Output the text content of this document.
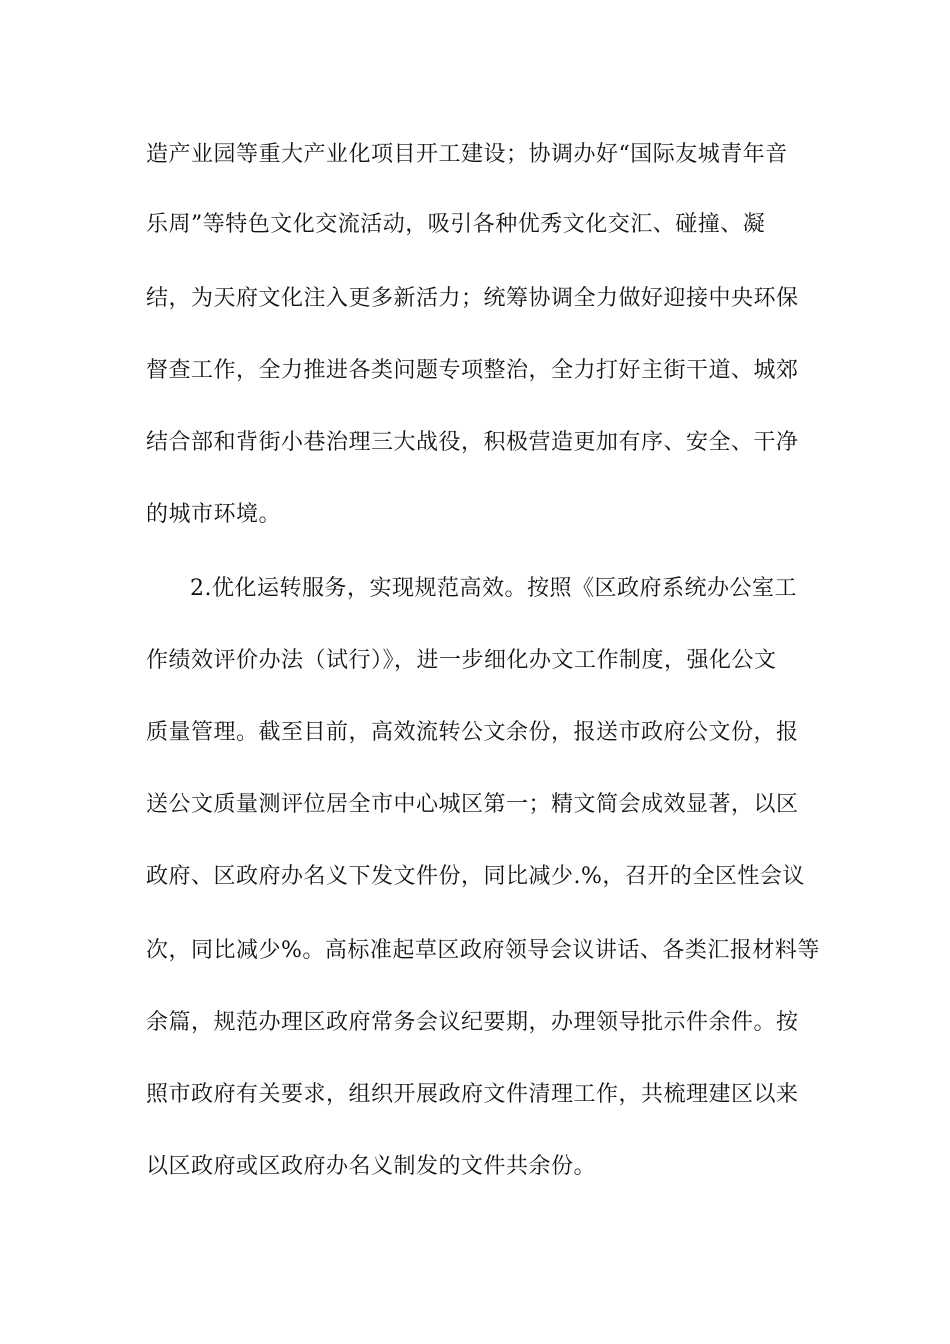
造产业园等重大产业化项目开工建设；协调办好“国际友城青年音
乐周”等特色文化交流活动，吸引各种优秀文化交汇、碰撞、凝
结，为天府文化注入更多新活力；统筹协调全力做好迎接中央环保
督查工作，全力推进各类问题专项整治，全力打好主街干道、城郊
结合部和背街小巷治理三大战役，积极营造更加有序、安全、干净
的城市环境。
2.优化运转服务，实现规范高效。按照《区政府系统办公室工
作绩效评价办法（试行）》，进一步细化办文工作制度，强化公文
质量管理。截至目前，高效流转公文余份，报送市政府公文份，报
送公文质量测评位居全市中心城区第一；精文简会成效显著，以区
政府、区政府办名义下发文件份，同比减少.%，召开的全区性会议
次，同比减少%。高标准起草区政府领导会议讲话、各类汇报材料等
余篇，规范办理区政府常务会议纪要期，办理领导批示件余件。按
照市政府有关要求，组织开展政府文件清理工作，共梳理建区以来
以区政府或区政府办名义制发的文件共余份。
